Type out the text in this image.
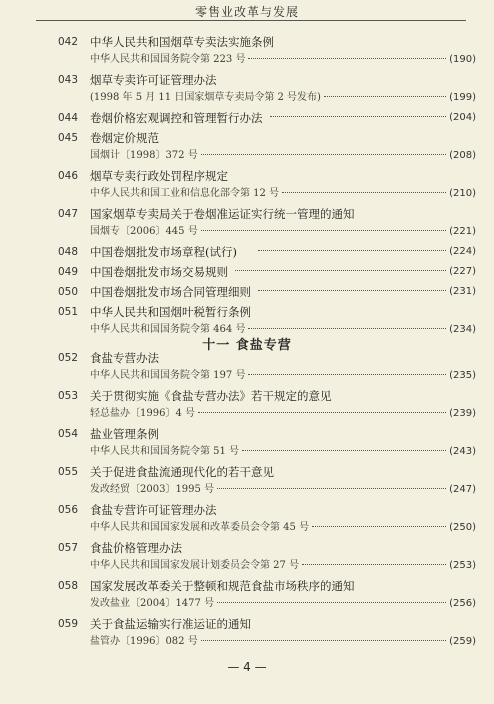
零售业改革与发展
042 中华人民共和国烟草专卖法实施条例
中华人民共和国国务院令第 223 号	(190)
043 烟草专卖许可证管理办法
(1998 年 5 月 11 日国家烟草专卖局令第 2 号发布)	(199)
044 卷烟价格宏观调控和管理暂行办法	(204)
045 卷烟定价规范
国烟计〔1998〕372 号	(208)
046 烟草专卖行政处罚程序规定
中华人民共和国工业和信息化部令第 12 号	(210)
047 国家烟草专卖局关于卷烟准运证实行统一管理的通知
国烟专〔2006〕445 号	(221)
048 中国卷烟批发市场章程(试行)	(224)
049 中国卷烟批发市场交易规则	(227)
050 中国卷烟批发市场合同管理细则	(231)
051 中华人民共和国烟叶税暂行条例
中华人民共和国国务院令第 464 号	(234)
052 食盐专营办法
中华人民共和国国务院令第 197 号	(235)
053 关于贯彻实施《食盐专营办法》若干规定的意见
轻总盐办〔1996〕4 号	(239)
054 盐业管理条例
中华人民共和国国务院令第 51 号	(243)
055 关于促进食盐流通现代化的若干意见
发改经贸〔2003〕1995 号	(247)
056 食盐专营许可证管理办法
中华人民共和国国家发展和改革委员会令第 45 号	(250)
057 食盐价格管理办法
中华人民共和国国家发展计划委员会令第 27 号	(253)
058 国家发展改革委关于整顿和规范食盐市场秩序的通知
发改盐业〔2004〕1477 号	(256)
059 关于食盐运输实行准运证的通知
盐管办〔1996〕082 号	(259)
十一 食盐专营
— 4 —
